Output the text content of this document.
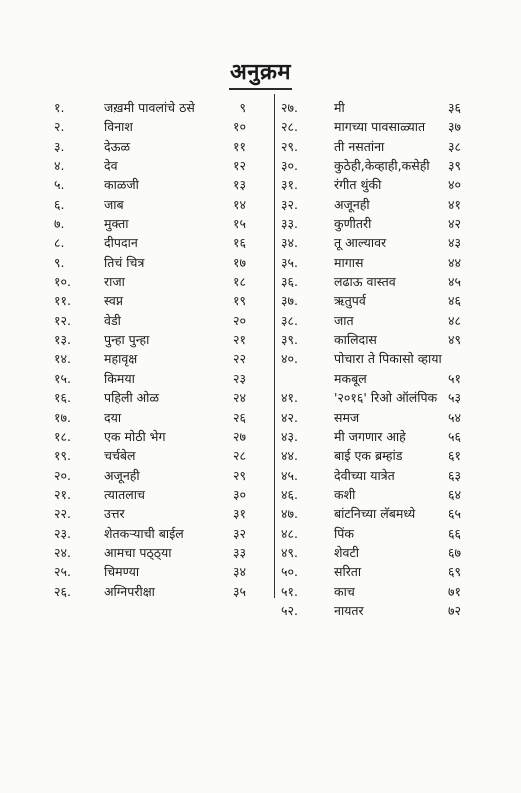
अनुक्रम
१.	जख़मी पावलांचे ठसे	९
२.	विनाश	१०
३.	देऊळ	११
४.	देव	१२
५.	काळजी	१३
६.	जाब	१४
७.	मुक्ता	१५
८.	दीपदान	१६
९.	तिचं चित्र	१७
१०.	राजा	१८
११.	स्वप्न	१९
१२.	वेडी	२०
१३.	पुन्हा पुन्हा	२१
१४.	महावृक्ष	२२
१५.	किमया	२३
१६.	पहिली ओळ	२४
१७.	दया	२६
१८.	एक मोठी भेग	२७
१९.	चर्चबेल	२८
२०.	अजूनही	२९
२१.	त्यातलाच	३०
२२.	उत्तर	३१
२३.	शेतकऱ्याची बाईल	३२
२४.	आमचा पठ्ठ्या	३३
२५.	चिमण्या	३४
२६.	अग्निपरीक्षा	३५
२७.	मी	३६
२८.	मागच्या पावसाळ्यात	३७
२९.	ती नसतांना	३८
३०.	कुठेही,केव्हाही,कसेही	३९
३१.	रंगीत थुंकी	४०
३२.	अजूनही	४१
३३.	कुणीतरी	४२
३४.	तू आल्यावर	४३
३५.	मागास	४४
३६.	लढाऊ वास्तव	४५
३७.	ऋतुपर्व	४६
३८.	जात	४८
३९.	कालिदास	४९
४०.	पोचारा ते पिकासो व्हाया मकबूल	५१
४१.	'२०१६' रिओ ऑलंपिक ५३
४२.	समज	५४
४३.	मी जगणार आहे	५६
४४.	बाई एक ब्रम्हांड	६१
४५.	देवीच्या यात्रेत	६३
४६.	कशी	६४
४७.	बांटनिच्या लॅबमध्ये	६५
४८.	पिंक	६६
४९.	शेवटी	६७
५०.	सरिता	६९
५१.	काच	७१
५२.	नायतर	७२
